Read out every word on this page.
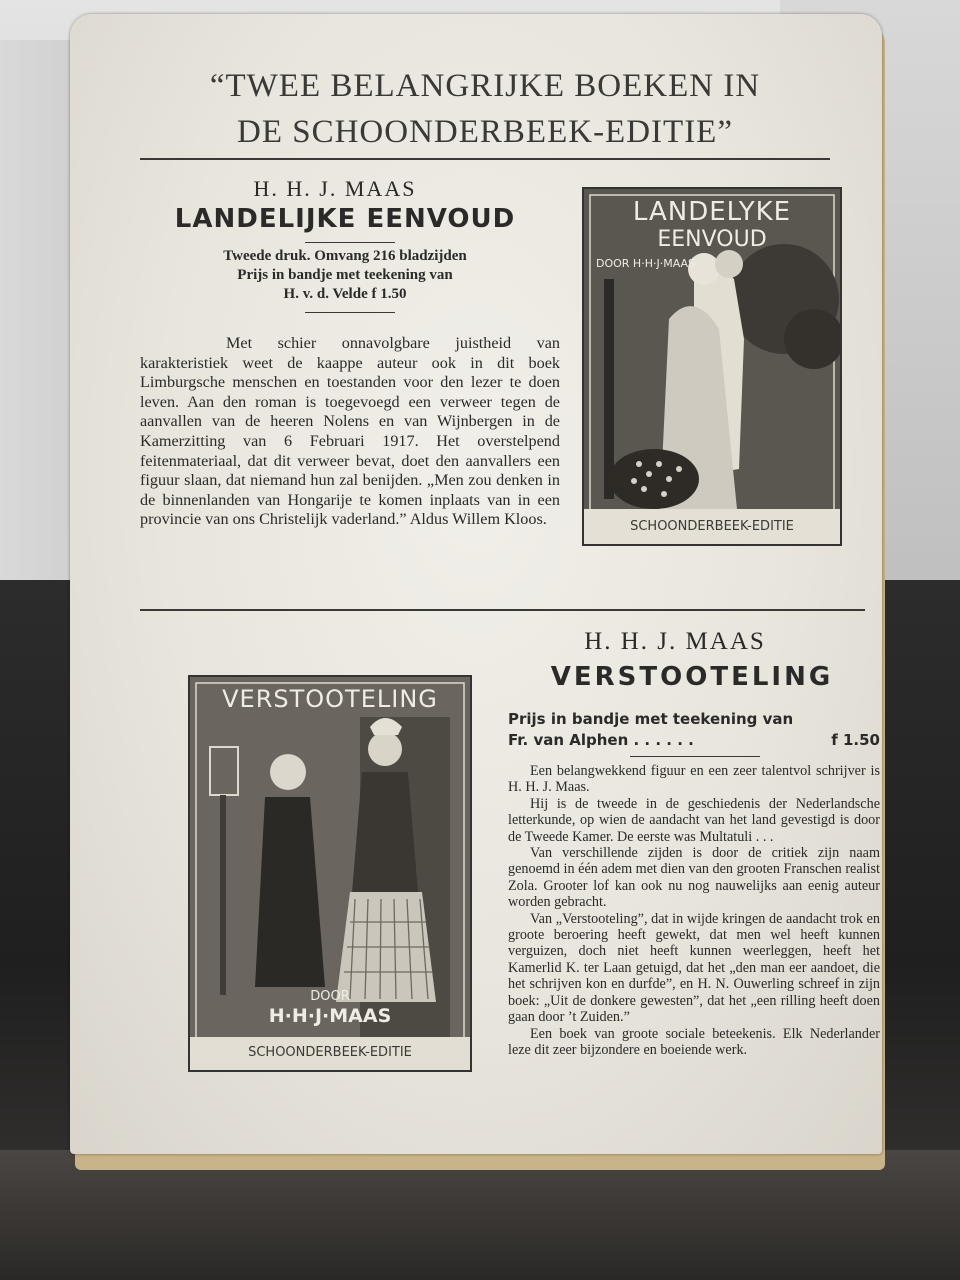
“TWEE BELANGRIJKE BOEKEN IN
DE SCHOONDERBEEK-EDITIE”
H. H. J. MAAS
LANDELIJKE EENVOUD
Tweede druk. Omvang 216 bladzijden
Prijs in bandje met teekening van
H. v. d. Velde f 1.50
Met schier onnavolgbare juistheid van karakteristiek weet de kaappe auteur ook in dit boek Limburgsche menschen en toestanden voor den lezer te doen leven. Aan den roman is toegevoegd een verweer tegen de aanvallen van de heeren Nolens en van Wijnbergen in de Kamerzitting van 6 Februari 1917. Het overstelpend feitenmateriaal, dat dit verweer bevat, doet den aanvallers een figuur slaan, dat niemand hun zal benijden. „Men zou denken in de binnenlanden van Hongarije te komen inplaats van in een provincie van ons Christelijk vaderland.” Aldus Willem Kloos.
LANDELYKE
EENVOUD
DOOR H·H·J·MAAS
SCHOONDERBEEK-EDITIE
VERSTOOTELING
DOOR
H·H·J·MAAS
SCHOONDERBEEK-EDITIE
H. H. J. MAAS
VERSTOOTELING
Prijs in bandje met teekening van
Fr. van Alphen . . . . . .	f 1.50

Een belangwekkend figuur en een zeer talentvol schrijver is H. H. J. Maas.

Hij is de tweede in de geschiedenis der Nederlandsche letterkunde, op wien de aandacht van het land gevestigd is door de Tweede Kamer. De eerste was Multatuli . . .

Van verschillende zijden is door de critiek zijn naam genoemd in één adem met dien van den grooten Franschen realist Zola. Grooter lof kan ook nu nog nauwelijks aan eenig auteur worden gebracht.

Van „Verstooteling”, dat in wijde kringen de aandacht trok en groote beroering heeft gewekt, dat men wel heeft kunnen verguizen, doch niet heeft kunnen weerleggen, heeft het Kamerlid K. ter Laan getuigd, dat het „den man eer aandoet, die het schrijven kon en durfde”, en H. N. Ouwerling schreef in zijn boek: „Uit de donkere gewesten”, dat het „een rilling heeft doen gaan door ’t Zuiden.”

Een boek van groote sociale beteekenis. Elk Nederlander leze dit zeer bijzondere en boeiende werk.
